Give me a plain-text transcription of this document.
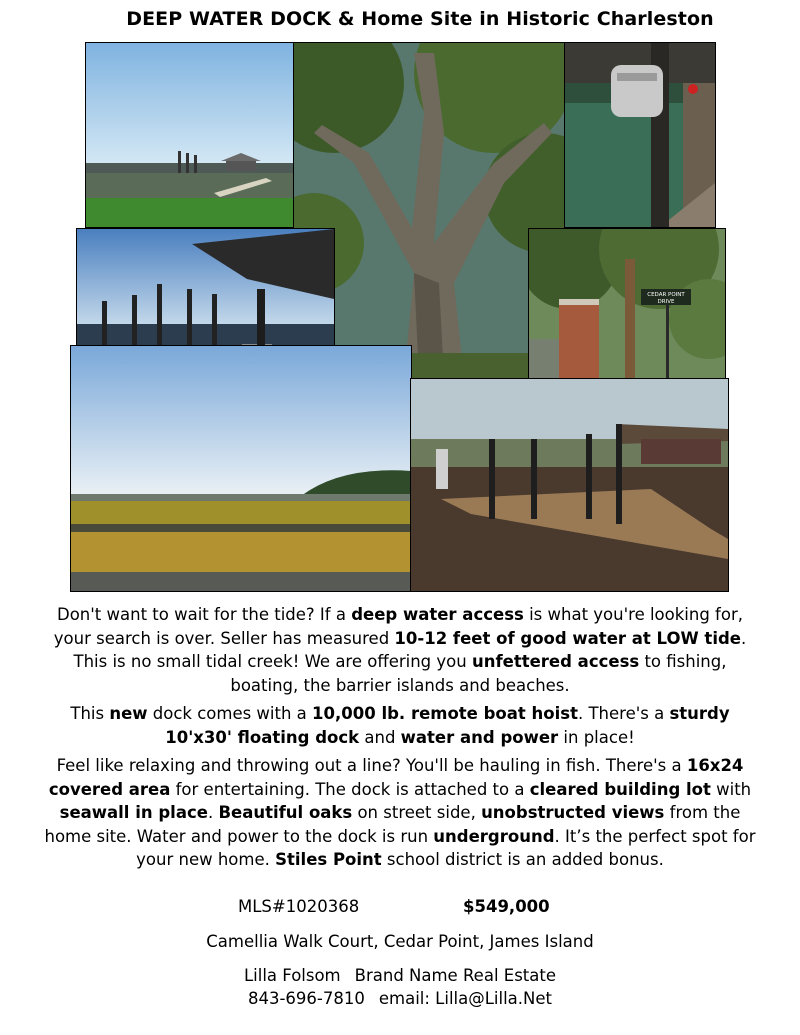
DEEP WATER DOCK & Home Site in Historic Charleston
CEDAR POINT
DRIVE

Don't want to wait for the tide? If a deep water access is what you're looking for, your search is over. Seller has measured 10-12 feet of good water at LOW tide. This is no small tidal creek! We are offering you unfettered access to fishing, boating, the barrier islands and beaches.

This new dock comes with a 10,000 lb. remote boat hoist. There's a sturdy 10'x30' floating dock and water and power in place!

Feel like relaxing and throwing out a line? You'll be hauling in fish. There's a 16x24 covered area for entertaining. The dock is attached to a cleared building lot with seawall in place. Beautiful oaks on street side, unobstructed views from the home site. Water and power to the dock is run underground. It’s the perfect spot for your new home. Stiles Point school district is an added bonus.

MLS#1020368	$549,000
Camellia Walk Court, Cedar Point, James Island
Lilla Folsom Brand Name Real Estate
843-696-7810 email: Lilla@Lilla.Net
